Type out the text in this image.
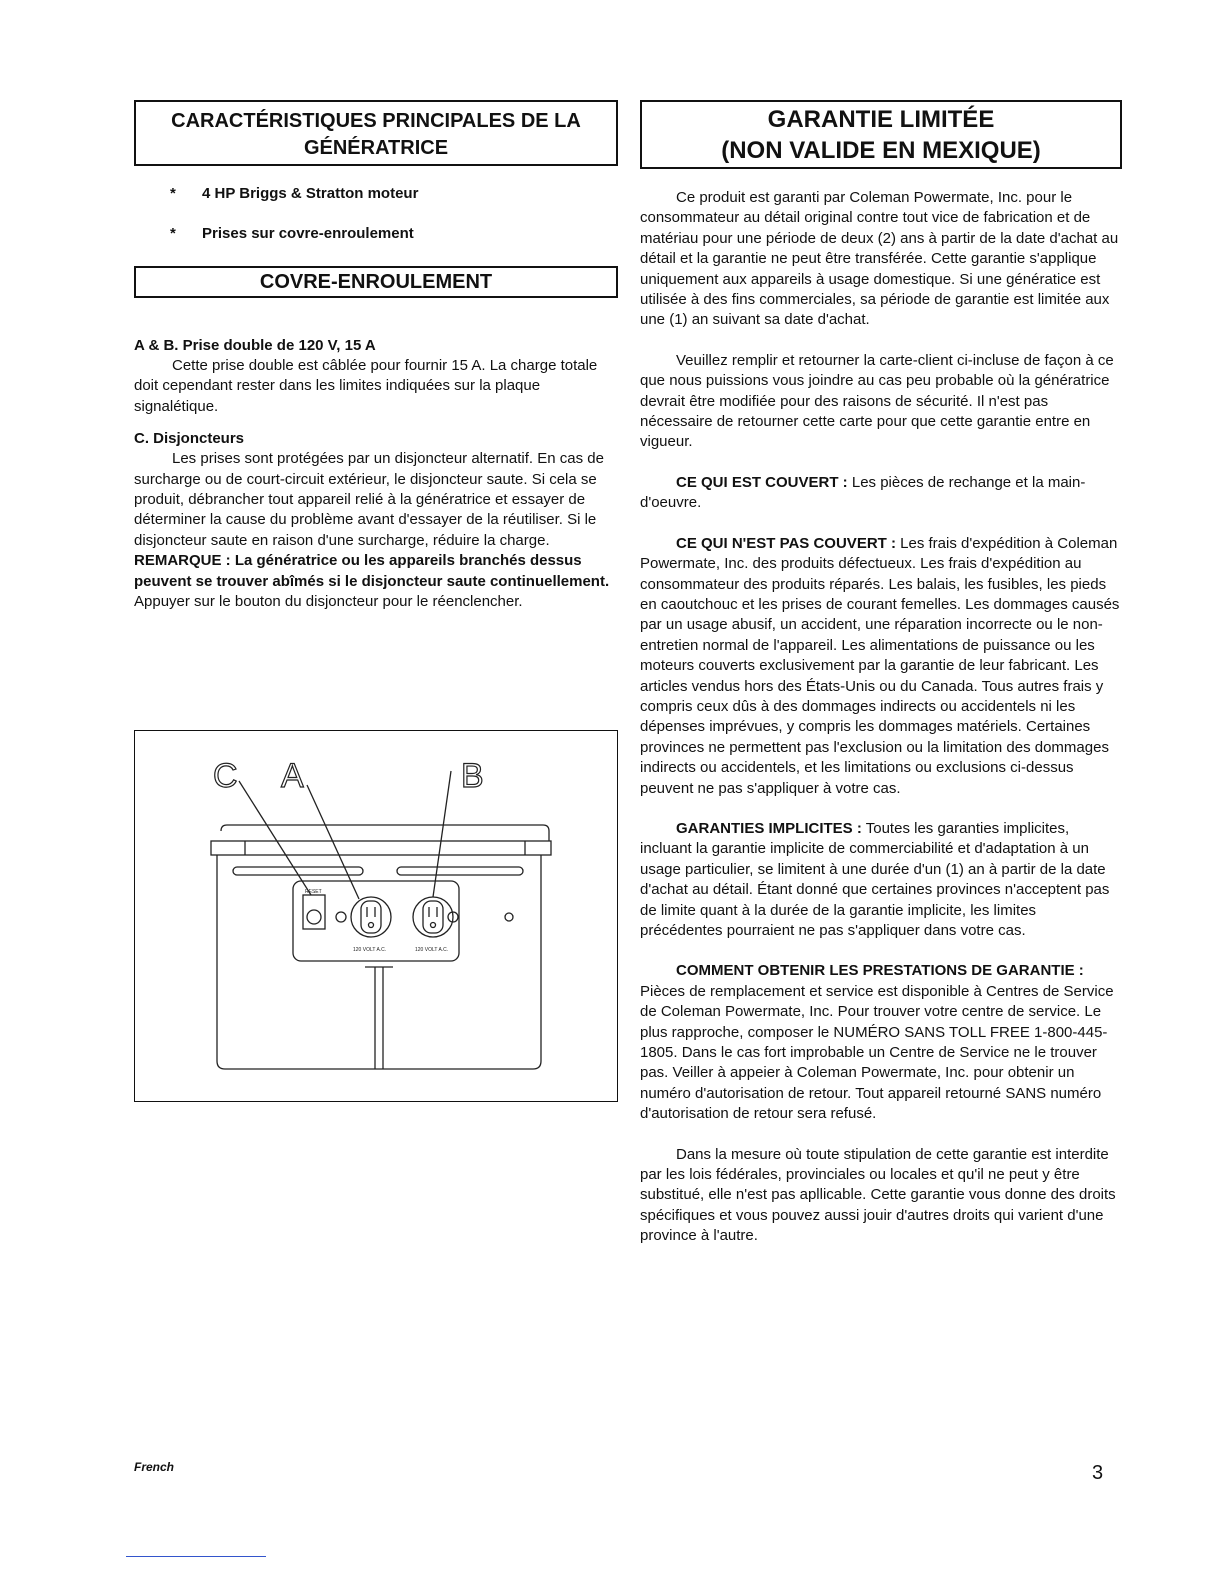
CARACTÉRISTIQUES PRINCIPALES DE LA
GÉNÉRATRICE
* 4 HP Briggs & Stratton moteur
* Prises sur covre-enroulement
COVRE-ENROULEMENT

A & B. Prise double de 120 V, 15 A

Cette prise double est câblée pour fournir 15 A. La charge totale doit cependant rester dans les limites indiquées sur la plaque signalétique.

C. Disjoncteurs

Les prises sont protégées par un disjoncteur alternatif. En cas de surcharge ou de court-circuit extérieur, le disjoncteur saute. Si cela se produit, débrancher tout appareil relié à la génératrice et essayer de déterminer la cause du problème avant d'essayer de la réutiliser. Si le disjoncteur saute en raison d'une surcharge, réduire la charge. REMARQUE : La génératrice ou les appareils branchés dessus peuvent se trouver abîmés si le disjoncteur saute continuellement. Appuyer sur le bouton du disjoncteur pour le réenclencher.

C A	B
RESET
120 VOLT A.C.	120 VOLT A.C.
GARANTIE LIMITÉE
(NON VALIDE EN MEXIQUE)

Ce produit est garanti par Coleman Powermate, Inc. pour le consommateur au détail original contre tout vice de fabrication et de matériau pour une période de deux (2) ans à partir de la date d'achat au détail et la garantie ne peut être transférée. Cette garantie s'applique uniquement aux appareils à usage domestique. Si une génératice est utilisée à des fins commerciales, sa période de garantie est limitée aux une (1) an suivant sa date d'achat.

Veuillez remplir et retourner la carte-client ci-incluse de façon à ce que nous puissions vous joindre au cas peu probable où la génératrice devrait être modifiée pour des raisons de sécurité. Il n'est pas nécessaire de retourner cette carte pour que cette garantie entre en vigueur.

CE QUI EST COUVERT : Les pièces de rechange et la main-d'oeuvre.

CE QUI N'EST PAS COUVERT : Les frais d'expédition à Coleman Powermate, Inc. des produits défectueux. Les frais d'expédition au consommateur des produits réparés. Les balais, les fusibles, les pieds en caoutchouc et les prises de courant femelles. Les dommages causés par un usage abusif, un accident, une réparation incorrecte ou le non-entretien normal de l'appareil. Les alimentations de puissance ou les moteurs couverts exclusivement par la garantie de leur fabricant. Les articles vendus hors des États-Unis ou du Canada. Tous autres frais y compris ceux dûs à des dommages indirects ou accidentels ni les dépenses imprévues, y compris les dommages matériels. Certaines provinces ne permettent pas l'exclusion ou la limitation des dommages indirects ou accidentels, et les limitations ou exclusions ci-dessus peuvent ne pas s'appliquer à votre cas.

GARANTIES IMPLICITES : Toutes les garanties implicites, incluant la garantie implicite de commerciabilité et d'adaptation à un usage particulier, se limitent à une durée d'un (1) an à partir de la date d'achat au détail. Étant donné que certaines provinces n'acceptent pas de limite quant à la durée de la garantie implicite, les limites précédentes pourraient ne pas s'appliquer dans votre cas.

COMMENT OBTENIR LES PRESTATIONS DE GARANTIE : Pièces de remplacement et service est disponible à Centres de Service de Coleman Powermate, Inc. Pour trouver votre centre de service. Le plus rapproche, composer le NUMÉRO SANS TOLL FREE 1-800-445-1805. Dans le cas fort improbable un Centre de Service ne le trouver pas. Veiller à appeier à Coleman Powermate, Inc. pour obtenir un numéro d'autorisation de retour. Tout appareil retourné SANS numéro d'autorisation de retour sera refusé.

Dans la mesure où toute stipulation de cette garantie est interdite par les lois fédérales, provinciales ou locales et qu'il ne peut y être substitué, elle n'est pas apllicable. Cette garantie vous donne des droits spécifiques et vous pouvez aussi jouir d'autres droits qui varient d'une province à l'autre.

French	3
